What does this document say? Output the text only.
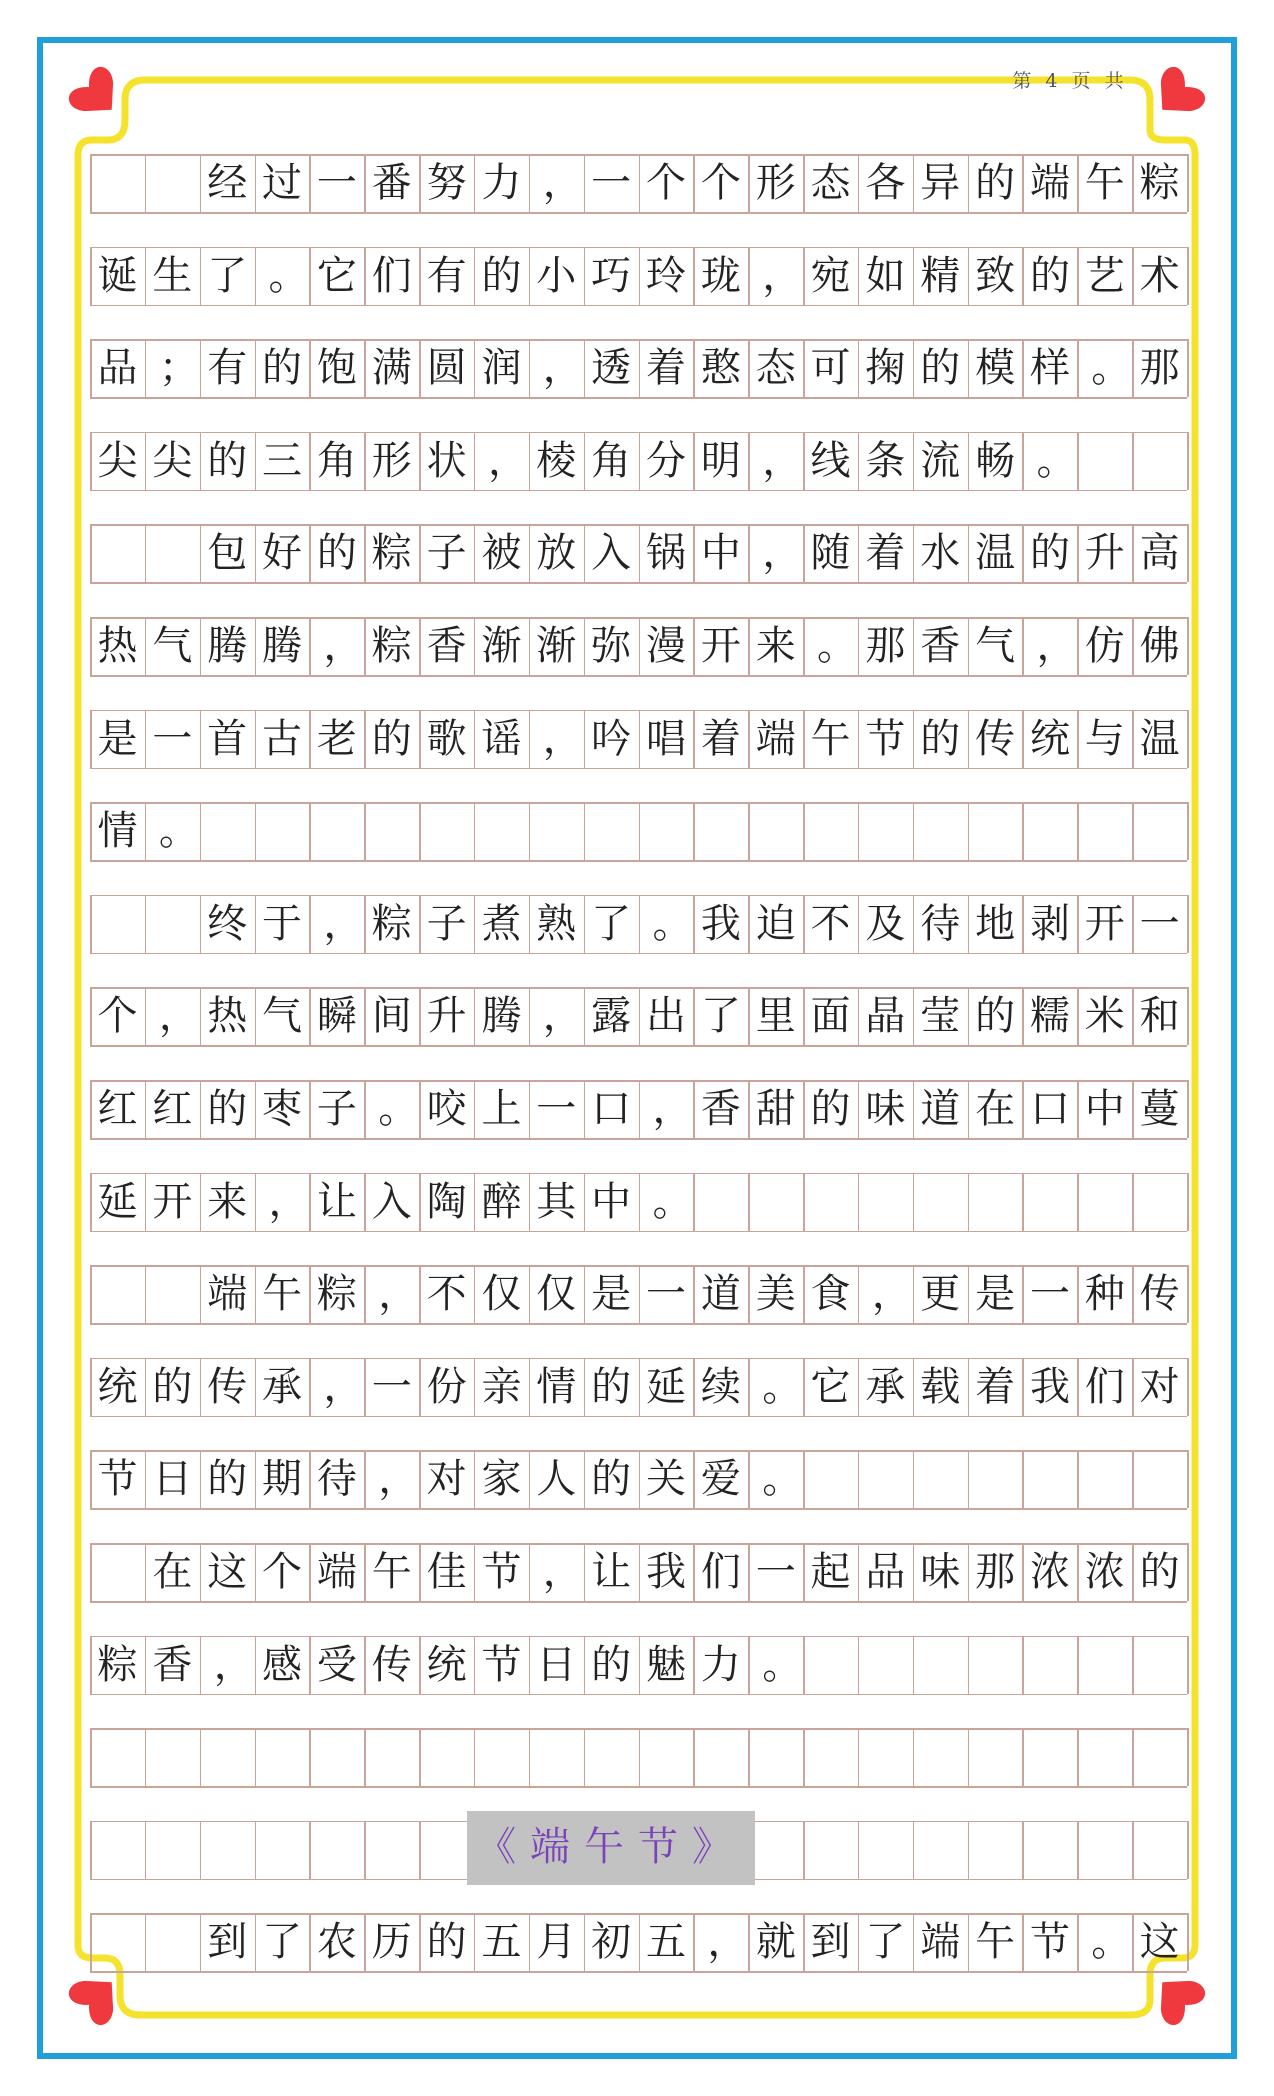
第 4 页 共
经 过 一 番 努 力 ， 一 个 个 形 态 各 异 的 端 午 粽
诞 生 了 。 它 们 有 的 小 巧 玲 珑 ， 宛 如 精 致 的 艺 术
品 ； 有 的 饱 满 圆 润 ， 透 着 憨 态 可 掬 的 模 样 。 那
尖 尖 的 三 角 形 状 ， 棱 角 分 明 ， 线 条 流 畅 。
包 好 的 粽 子 被 放 入 锅 中 ， 随 着 水 温 的 升 高
热 气 腾 腾 ， 粽 香 渐 渐 弥 漫 开 来 。 那 香 气 ， 仿 佛
是 一 首 古 老 的 歌 谣 ， 吟 唱 着 端 午 节 的 传 统 与 温
情 。
终 于 ， 粽 子 煮 熟 了 。 我 迫 不 及 待 地 剥 开 一
个 ， 热 气 瞬 间 升 腾 ， 露 出 了 里 面 晶 莹 的 糯 米 和
红 红 的 枣 子 。 咬 上 一 口 ， 香 甜 的 味 道 在 口 中 蔓
延 开 来 ， 让 入 陶 醉 其 中 。
端 午 粽 ， 不 仅 仅 是 一 道 美 食 ， 更 是 一 种 传
统 的 传 承 ， 一 份 亲 情 的 延 续 。 它 承 载 着 我 们 对
节 日 的 期 待 ， 对 家 人 的 关 爱 。
在 这 个 端 午 佳 节 ， 让 我 们 一 起 品 味 那 浓 浓 的
粽 香 ， 感 受 传 统 节 日 的 魅 力 。
到 了 农 历 的 五 月 初 五 ， 就 到 了 端 午 节 。 这
《端午节》
